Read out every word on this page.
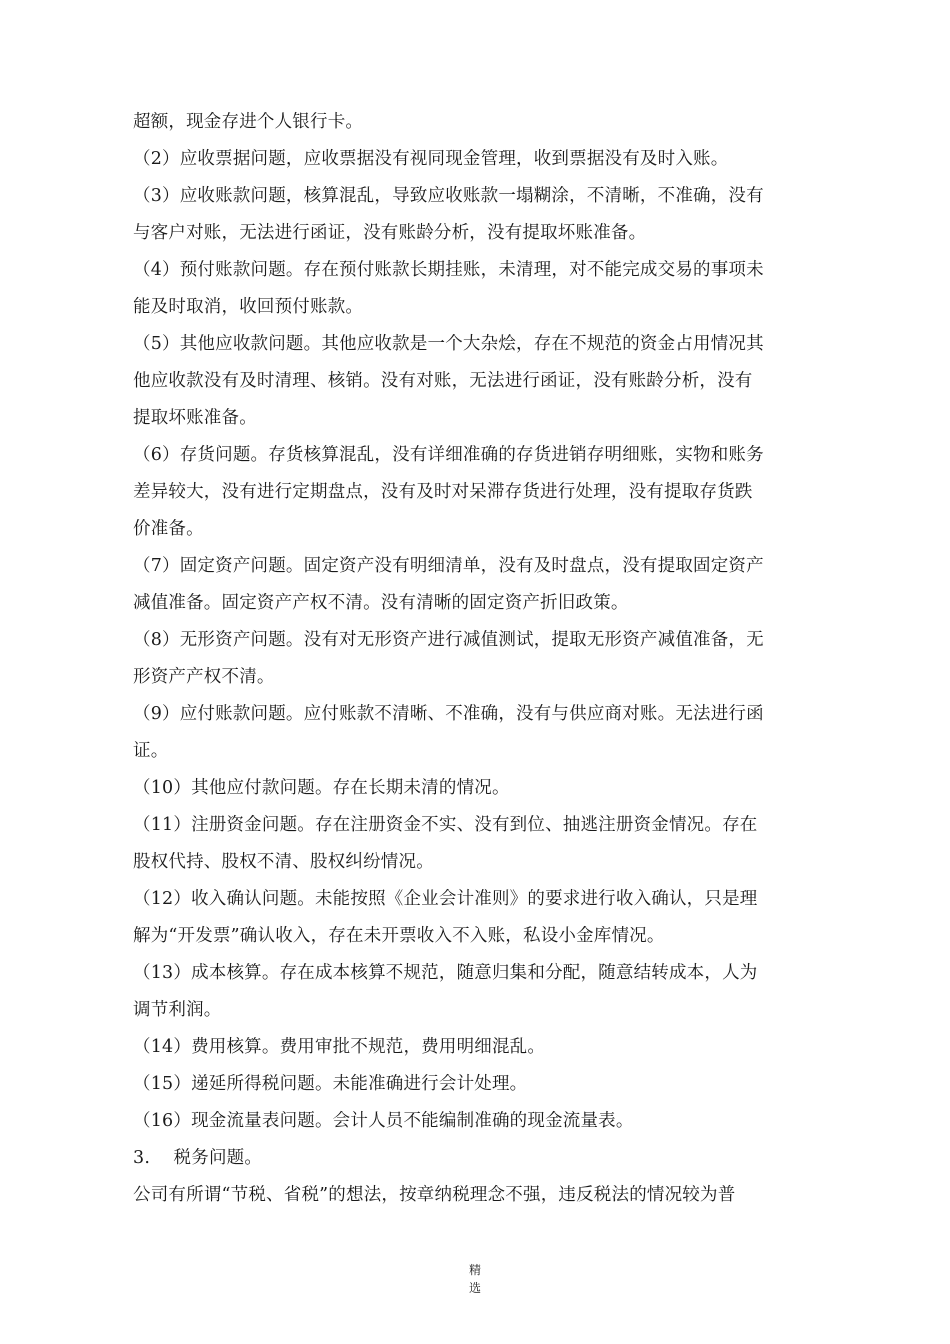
超额，现金存进个人银行卡。
（2）应收票据问题，应收票据没有视同现金管理，收到票据没有及时入账。
（3）应收账款问题，核算混乱，导致应收账款一塌糊涂，不清晰，不准确，没有
与客户对账，无法进行函证，没有账龄分析，没有提取坏账准备。
（4）预付账款问题。存在预付账款长期挂账，未清理，对不能完成交易的事项未
能及时取消，收回预付账款。
（5）其他应收款问题。其他应收款是一个大杂烩，存在不规范的资金占用情况其
他应收款没有及时清理、核销。没有对账，无法进行函证，没有账龄分析，没有
提取坏账准备。
（6）存货问题。存货核算混乱，没有详细准确的存货进销存明细账，实物和账务
差异较大，没有进行定期盘点，没有及时对呆滞存货进行处理，没有提取存货跌
价准备。
（7）固定资产问题。固定资产没有明细清单，没有及时盘点，没有提取固定资产
减值准备。固定资产产权不清。没有清晰的固定资产折旧政策。
（8）无形资产问题。没有对无形资产进行减值测试，提取无形资产减值准备，无
形资产产权不清。
（9）应付账款问题。应付账款不清晰、不准确，没有与供应商对账。无法进行函
证。
（10）其他应付款问题。存在长期未清的情况。
（11）注册资金问题。存在注册资金不实、没有到位、抽逃注册资金情况。存在
股权代持、股权不清、股权纠纷情况。
（12）收入确认问题。未能按照《企业会计准则》的要求进行收入确认，只是理
解为“开发票”确认收入，存在未开票收入不入账，私设小金库情况。
（13）成本核算。存在成本核算不规范，随意归集和分配，随意结转成本，人为
调节利润。
（14）费用核算。费用审批不规范，费用明细混乱。
（15）递延所得税问题。未能准确进行会计处理。
（16）现金流量表问题。会计人员不能编制准确的现金流量表。
3.　 税务问题。
公司有所谓“节税、省税”的想法，按章纳税理念不强，违反税法的情况较为普
精
选
